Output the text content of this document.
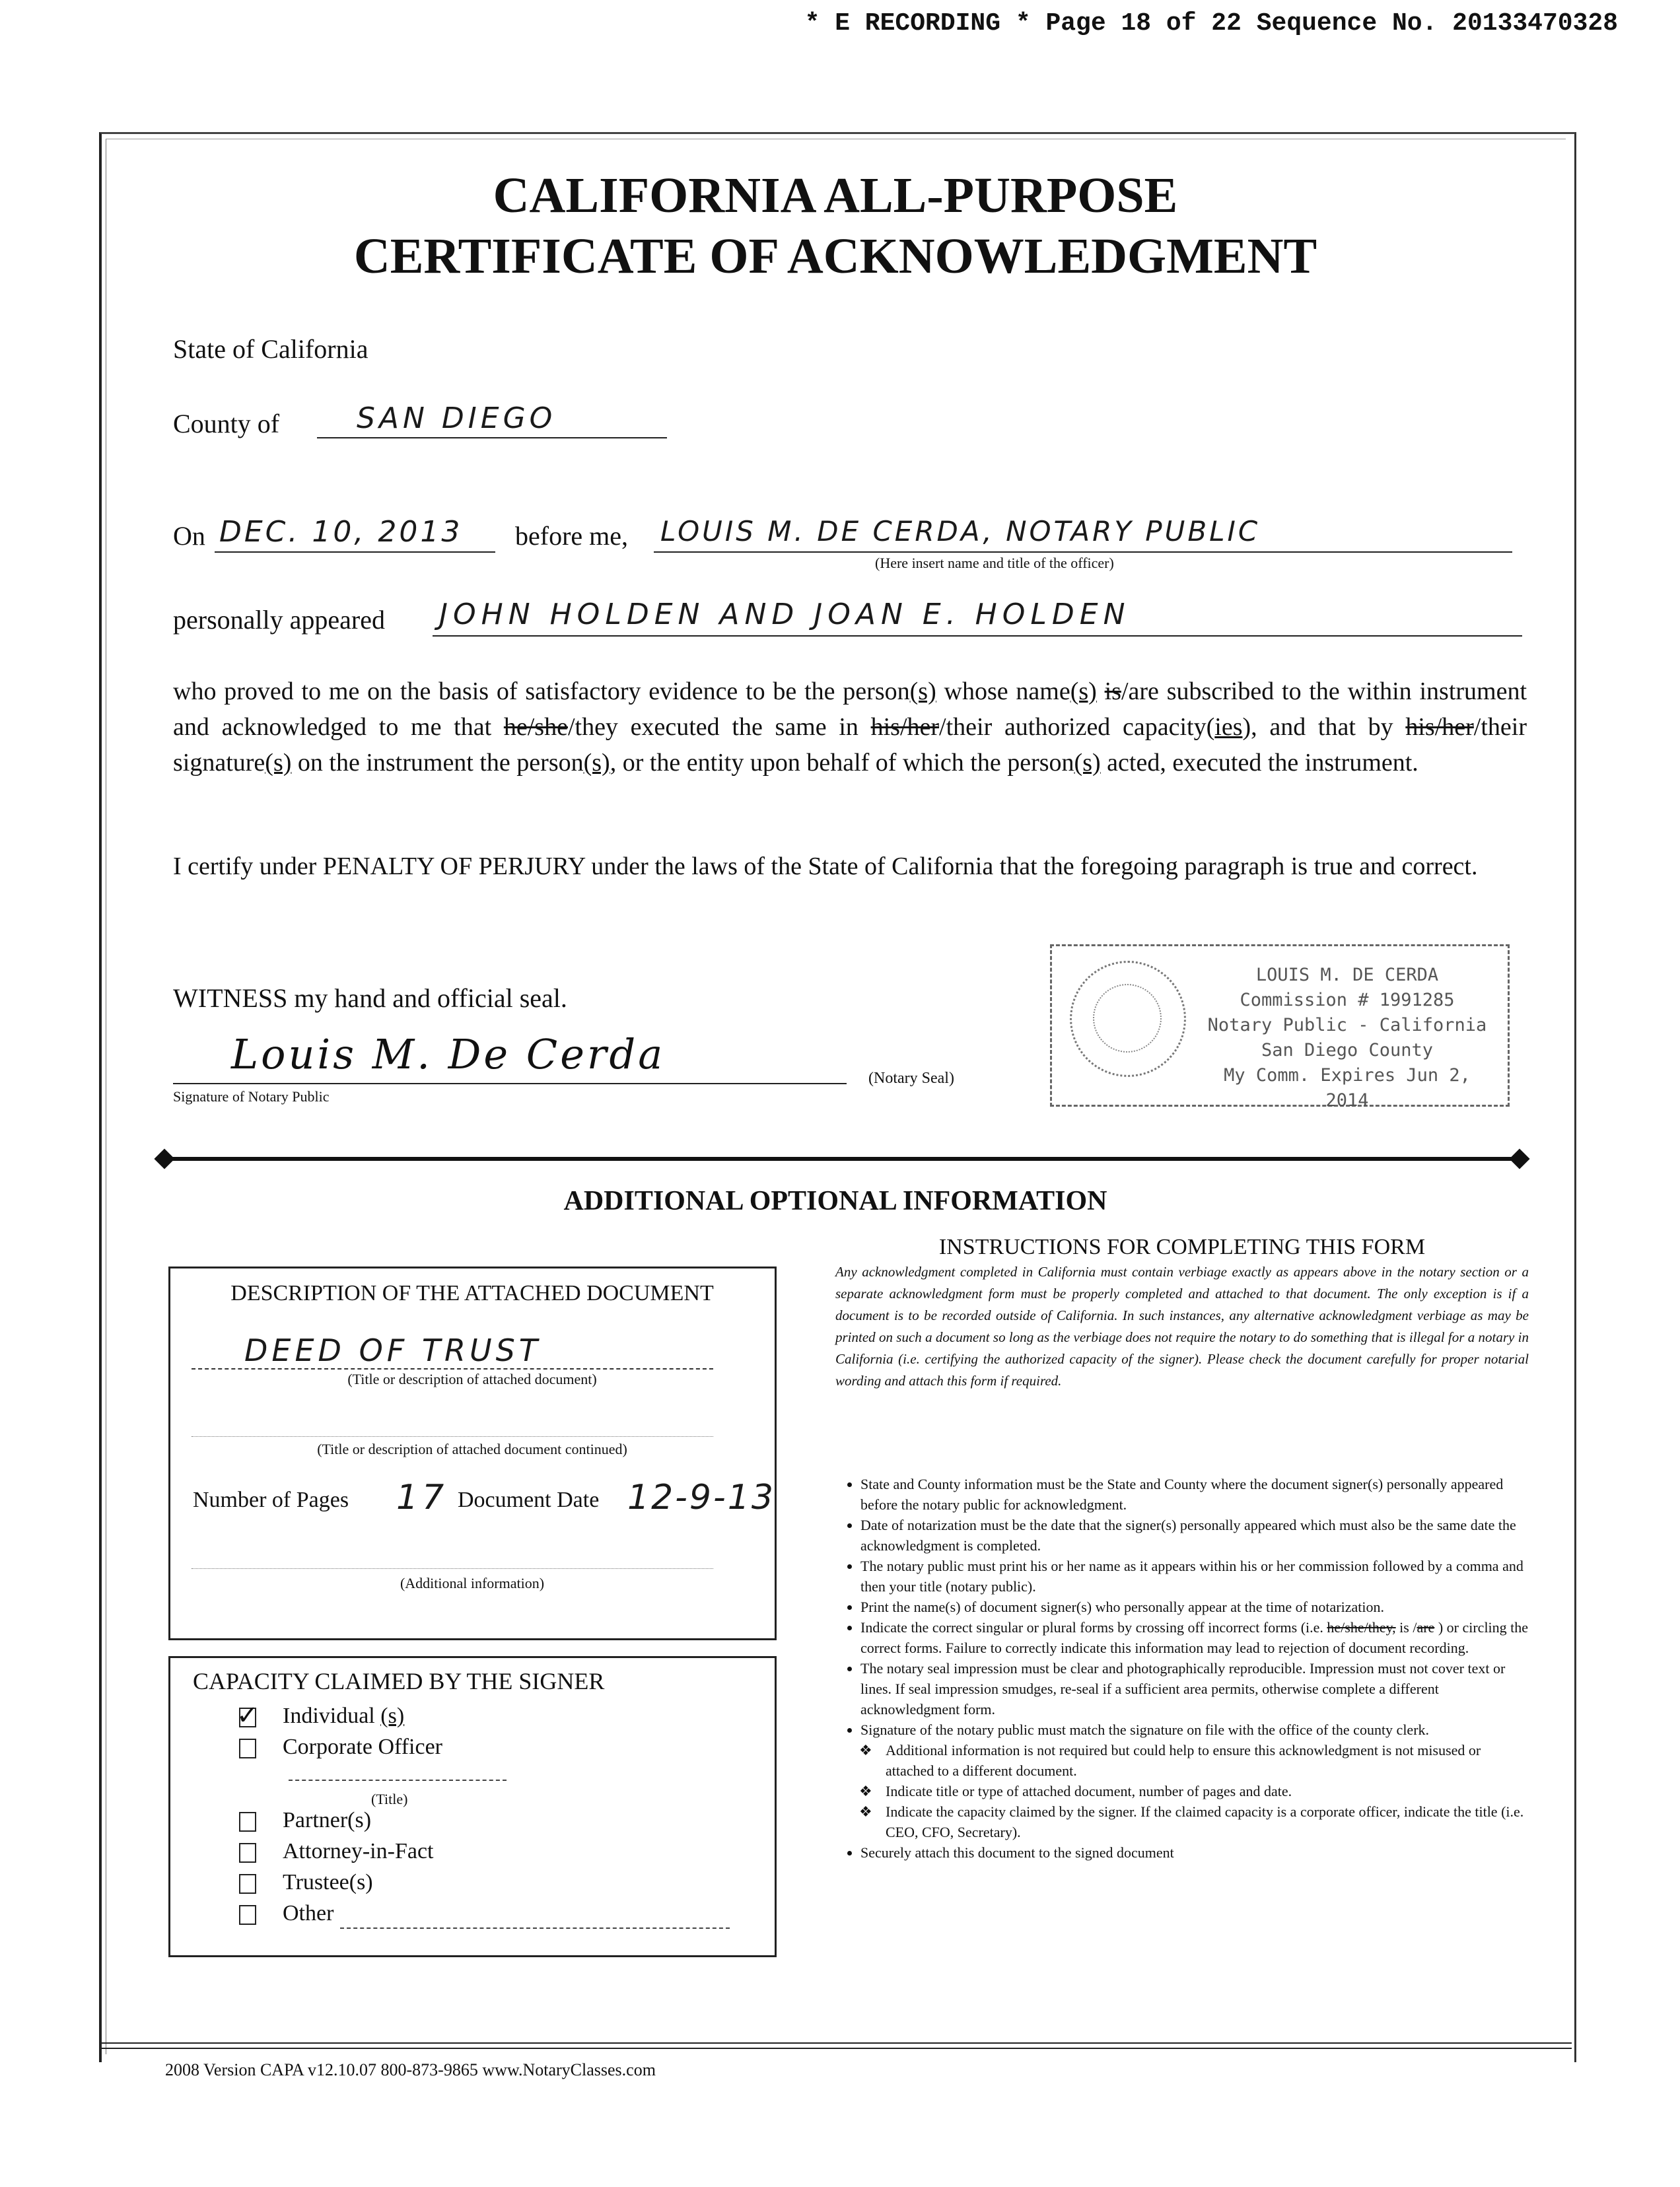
* E RECORDING * Page 18 of 22 Sequence No. 20133470328
CALIFORNIA ALL-PURPOSE
CERTIFICATE OF ACKNOWLEDGMENT
State of California
County of	SAN DIEGO
On DEC. 10, 2013 before me, LOUIS M. DE CERDA, NOTARY PUBLIC
(Here insert name and title of the officer)
personally appeared JOHN HOLDEN AND JOAN E. HOLDEN
who proved to me on the basis of satisfactory evidence to be the person(s) whose name(s) is/are subscribed to the within instrument and acknowledged to me that he/she/they executed the same in his/her/their authorized capacity(ies), and that by his/her/their signature(s) on the instrument the person(s), or the entity upon behalf of which the person(s) acted, executed the instrument.
I certify under PENALTY OF PERJURY under the laws of the State of California that the foregoing paragraph is true and correct.
WITNESS my hand and official seal.
Louis M. De Cerda
Signature of Notary Public
(Notary Seal)
LOUIS M. DE CERDA
Commission # 1991285
Notary Public - California
San Diego County
My Comm. Expires Jun 2, 2014
ADDITIONAL OPTIONAL INFORMATION
DESCRIPTION OF THE ATTACHED DOCUMENT
DEED OF TRUST
(Title or description of attached document)
(Title or description of attached document continued)
Number of Pages 17 Document Date 12-9-13
(Additional information)
CAPACITY CLAIMED BY THE SIGNER
✓ Individual (s)
Corporate Officer
(Title)
Partner(s)
Attorney-in-Fact
Trustee(s)
Other
INSTRUCTIONS FOR COMPLETING THIS FORM
Any acknowledgment completed in California must contain verbiage exactly as appears above in the notary section or a separate acknowledgment form must be properly completed and attached to that document. The only exception is if a document is to be recorded outside of California. In such instances, any alternative acknowledgment verbiage as may be printed on such a document so long as the verbiage does not require the notary to do something that is illegal for a notary in California (i.e. certifying the authorized capacity of the signer). Please check the document carefully for proper notarial wording and attach this form if required.
• State and County information must be the State and County where the document signer(s) personally appeared before the notary public for acknowledgment.
• Date of notarization must be the date that the signer(s) personally appeared which must also be the same date the acknowledgment is completed.
• The notary public must print his or her name as it appears within his or her commission followed by a comma and then your title (notary public).
• Print the name(s) of document signer(s) who personally appear at the time of notarization.
• Indicate the correct singular or plural forms by crossing off incorrect forms (i.e. he/she/they, is /are ) or circling the correct forms. Failure to correctly indicate this information may lead to rejection of document recording.
• The notary seal impression must be clear and photographically reproducible. Impression must not cover text or lines. If seal impression smudges, re-seal if a sufficient area permits, otherwise complete a different acknowledgment form.
• Signature of the notary public must match the signature on file with the office of the county clerk.
❖ Additional information is not required but could help to ensure this acknowledgment is not misused or attached to a different document.
❖ Indicate title or type of attached document, number of pages and date.
❖ Indicate the capacity claimed by the signer. If the claimed capacity is a corporate officer, indicate the title (i.e. CEO, CFO, Secretary).
• Securely attach this document to the signed document
2008 Version CAPA v12.10.07 800-873-9865 www.NotaryClasses.com
